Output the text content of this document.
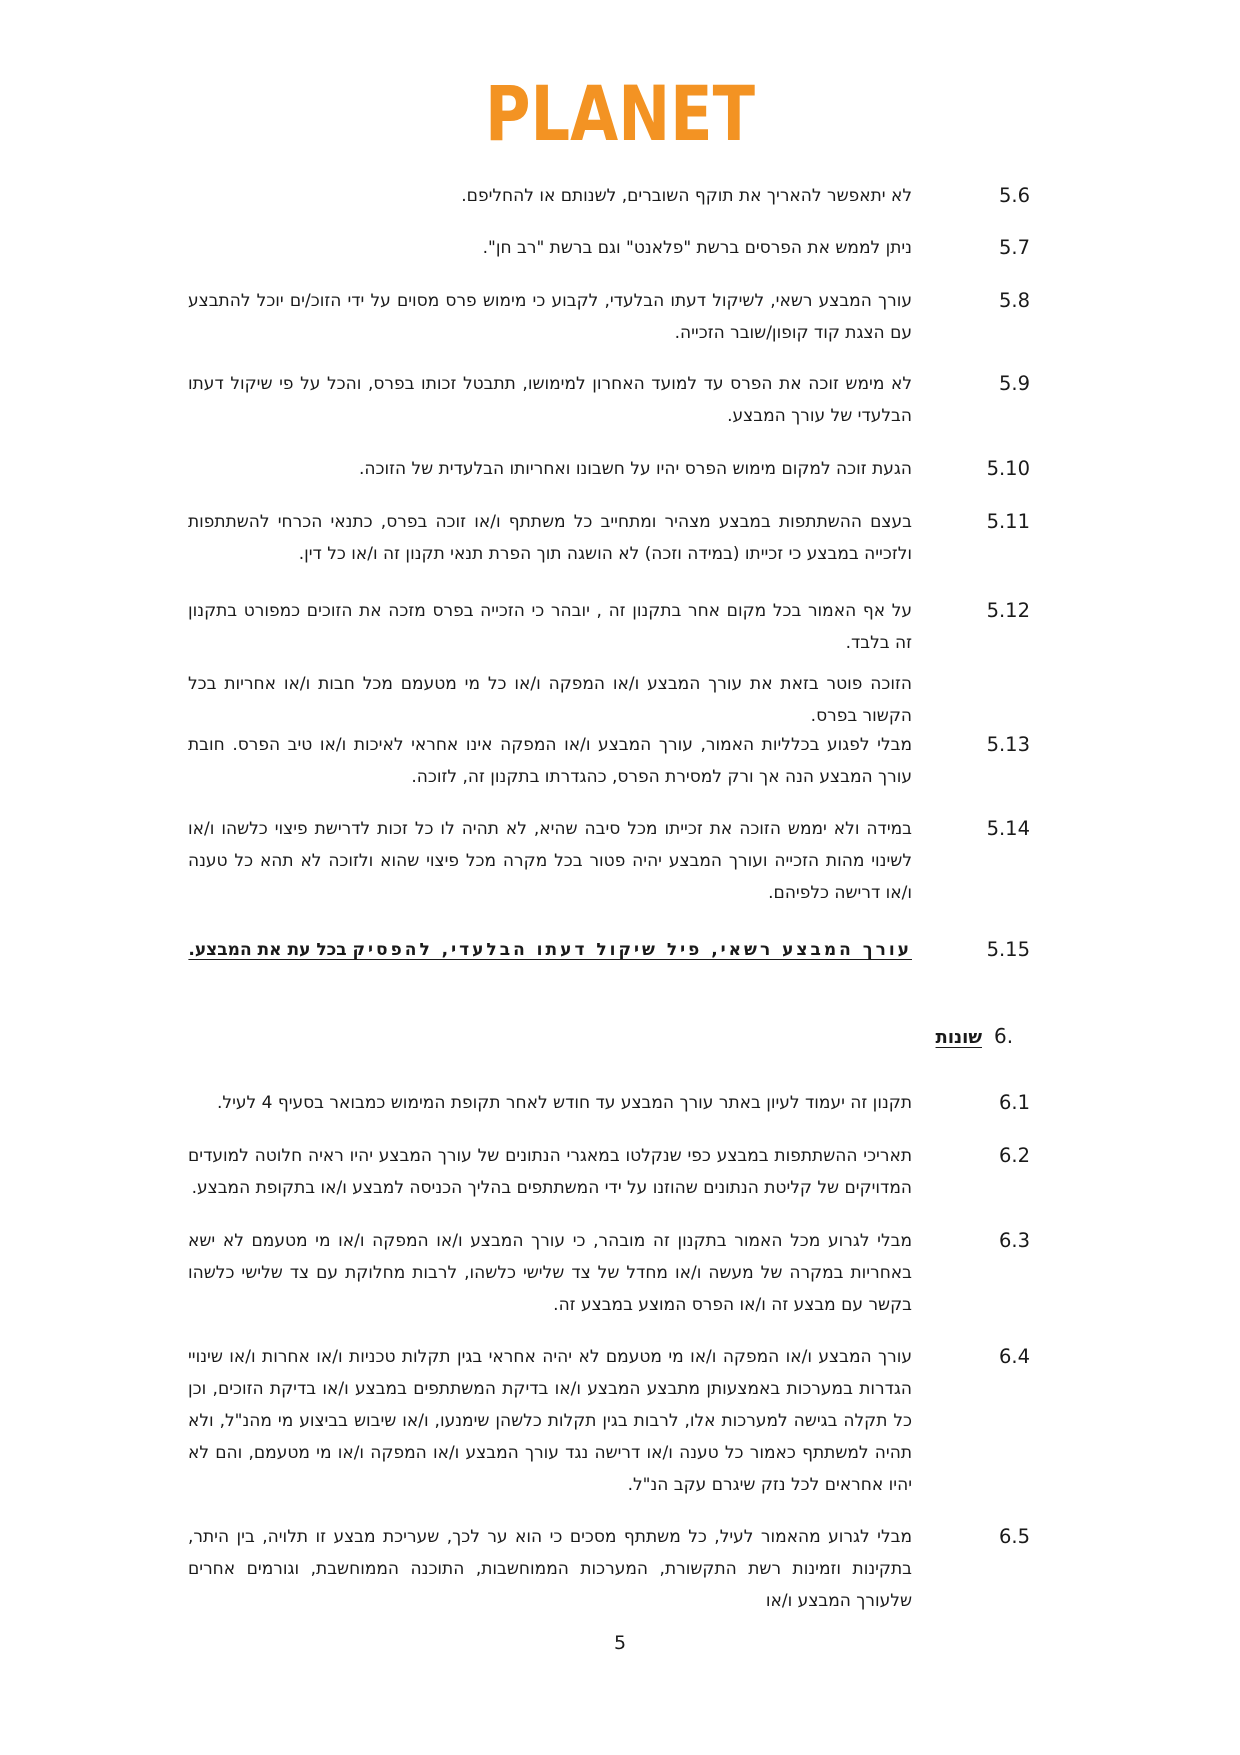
PLANET
5.6

לא יתאפשר להאריך את תוקף השוברים, לשנותם או להחליפם.

5.7

ניתן לממש את הפרסים ברשת "פלאנט" וגם ברשת "רב חן".

5.8

עורך המבצע רשאי, לשיקול דעתו הבלעדי, לקבוע כי מימוש פרס מסוים על ידי הזוכ/ים יוכל להתבצע עם הצגת קוד קופון/שובר הזכייה.

5.9

לא מימש זוכה את הפרס עד למועד האחרון למימושו, תתבטל זכותו בפרס, והכל על פי שיקול דעתו הבלעדי של עורך המבצע.

5.10

הגעת זוכה למקום מימוש הפרס יהיו על חשבונו ואחריותו הבלעדית של הזוכה.

5.11

בעצם ההשתתפות במבצע מצהיר ומתחייב כל משתתף ו/או זוכה בפרס, כתנאי הכרחי להשתתפות ולזכייה במבצע כי זכייתו (במידה וזכה) לא הושגה תוך הפרת תנאי תקנון זה ו/או כל דין.

5.12

על אף האמור בכל מקום אחר בתקנון זה , יובהר כי הזכייה בפרס מזכה את הזוכים כמפורט בתקנון זה בלבד.

הזוכה פוטר בזאת את עורך המבצע ו/או המפקה ו/או כל מי מטעמם מכל חבות ו/או אחריות בכל הקשור בפרס.

5.13

מבלי לפגוע בכלליות האמור, עורך המבצע ו/או המפקה אינו אחראי לאיכות ו/או טיב הפרס. חובת עורך המבצע הנה אך ורק למסירת הפרס, כהגדרתו בתקנון זה, לזוכה.

5.14

במידה ולא יממש הזוכה את זכייתו מכל סיבה שהיא, לא תהיה לו כל זכות לדרישת פיצוי כלשהו ו/או לשינוי מהות הזכייה ועורך המבצע יהיה פטור בכל מקרה מכל פיצוי שהוא ולזוכה לא תהא כל טענה ו/או דרישה כלפיהם.

5.15

עורך המבצע רשאי, פיל שיקול דעתו הבלעדי, להפסיק בכל עת את המבצע.

6.שונות
6.1

תקנון זה יעמוד לעיון באתר עורך המבצע עד חודש לאחר תקופת המימוש כמבואר בסעיף 4 לעיל.

6.2

תאריכי ההשתתפות במבצע כפי שנקלטו במאגרי הנתונים של עורך המבצע יהיו ראיה חלוטה למועדים המדויקים של קליטת הנתונים שהוזנו על ידי המשתתפים בהליך הכניסה למבצע ו/או בתקופת המבצע.

6.3

מבלי לגרוע מכל האמור בתקנון זה מובהר, כי עורך המבצע ו/או המפקה ו/או מי מטעמם לא ישא באחריות במקרה של מעשה ו/או מחדל של צד שלישי כלשהו, לרבות מחלוקת עם צד שלישי כלשהו בקשר עם מבצע זה ו/או הפרס המוצע במבצע זה.

6.4

עורך המבצע ו/או המפקה ו/או מי מטעמם לא יהיה אחראי בגין תקלות טכניות ו/או אחרות ו/או שינויי הגדרות במערכות באמצעותן מתבצע המבצע ו/או בדיקת המשתתפים במבצע ו/או בדיקת הזוכים, וכן כל תקלה בגישה למערכות אלו, לרבות בגין תקלות כלשהן שימנעו, ו/או שיבוש בביצוע מי מהנ"ל, ולא תהיה למשתתף כאמור כל טענה ו/או דרישה נגד עורך המבצע ו/או המפקה ו/או מי מטעמם, והם לא יהיו אחראים לכל נזק שיגרם עקב הנ"ל.

6.5

מבלי לגרוע מהאמור לעיל, כל משתתף מסכים כי הוא ער לכך, שעריכת מבצע זו תלויה, בין היתר, בתקינות וזמינות רשת התקשורת, המערכות הממוחשבות, התוכנה הממוחשבת, וגורמים אחרים שלעורך המבצע ו/או

5
